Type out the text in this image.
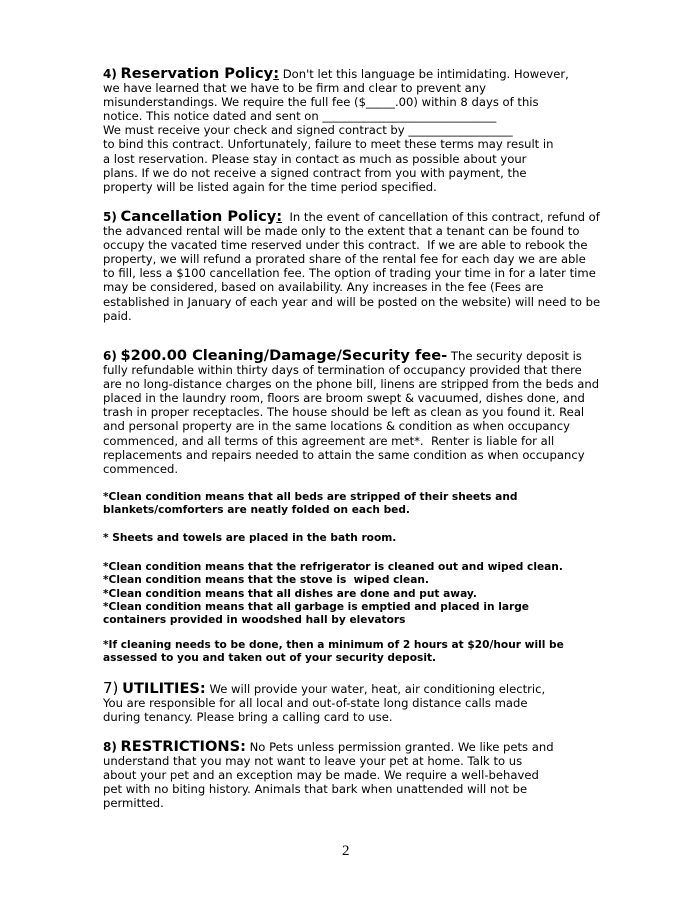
4) Reservation Policy: Don't let this language be intimidating. However,
we have learned that we have to be firm and clear to prevent any
misunderstandings. We require the full fee ($_____.00) within 8 days of this
notice. This notice dated and sent on ______________________________
We must receive your check and signed contract by __________________
to bind this contract. Unfortunately, failure to meet these terms may result in
a lost reservation. Please stay in contact as much as possible about your
plans. If we do not receive a signed contract from you with payment, the
property will be listed again for the time period specified.
5) Cancellation Policy:  In the event of cancellation of this contract, refund of
the advanced rental will be made only to the extent that a tenant can be found to
occupy the vacated time reserved under this contract.  If we are able to rebook the
property, we will refund a prorated share of the rental fee for each day we are able
to fill, less a $100 cancellation fee. The option of trading your time in for a later time
may be considered, based on availability. Any increases in the fee (Fees are
established in January of each year and will be posted on the website) will need to be
paid.
6) $200.00 Cleaning/Damage/Security fee- The security deposit is
fully refundable within thirty days of termination of occupancy provided that there
are no long-distance charges on the phone bill, linens are stripped from the beds and
placed in the laundry room, floors are broom swept & vacuumed, dishes done, and
trash in proper receptacles. The house should be left as clean as you found it. Real
and personal property are in the same locations & condition as when occupancy
commenced, and all terms of this agreement are met*.  Renter is liable for all
replacements and repairs needed to attain the same condition as when occupancy
commenced.
*Clean condition means that all beds are stripped of their sheets and
blankets/comforters are neatly folded on each bed.
* Sheets and towels are placed in the bath room.
*Clean condition means that the refrigerator is cleaned out and wiped clean.
*Clean condition means that the stove is  wiped clean.
*Clean condition means that all dishes are done and put away.
*Clean condition means that all garbage is emptied and placed in large
containers provided in woodshed hall by elevators
*If cleaning needs to be done, then a minimum of 2 hours at $20/hour will be
assessed to you and taken out of your security deposit.
7) UTILITIES: We will provide your water, heat, air conditioning electric,
You are responsible for all local and out-of-state long distance calls made
during tenancy. Please bring a calling card to use.
8) RESTRICTIONS: No Pets unless permission granted. We like pets and
understand that you may not want to leave your pet at home. Talk to us
about your pet and an exception may be made. We require a well-behaved
pet with no biting history. Animals that bark when unattended will not be
permitted.
2
